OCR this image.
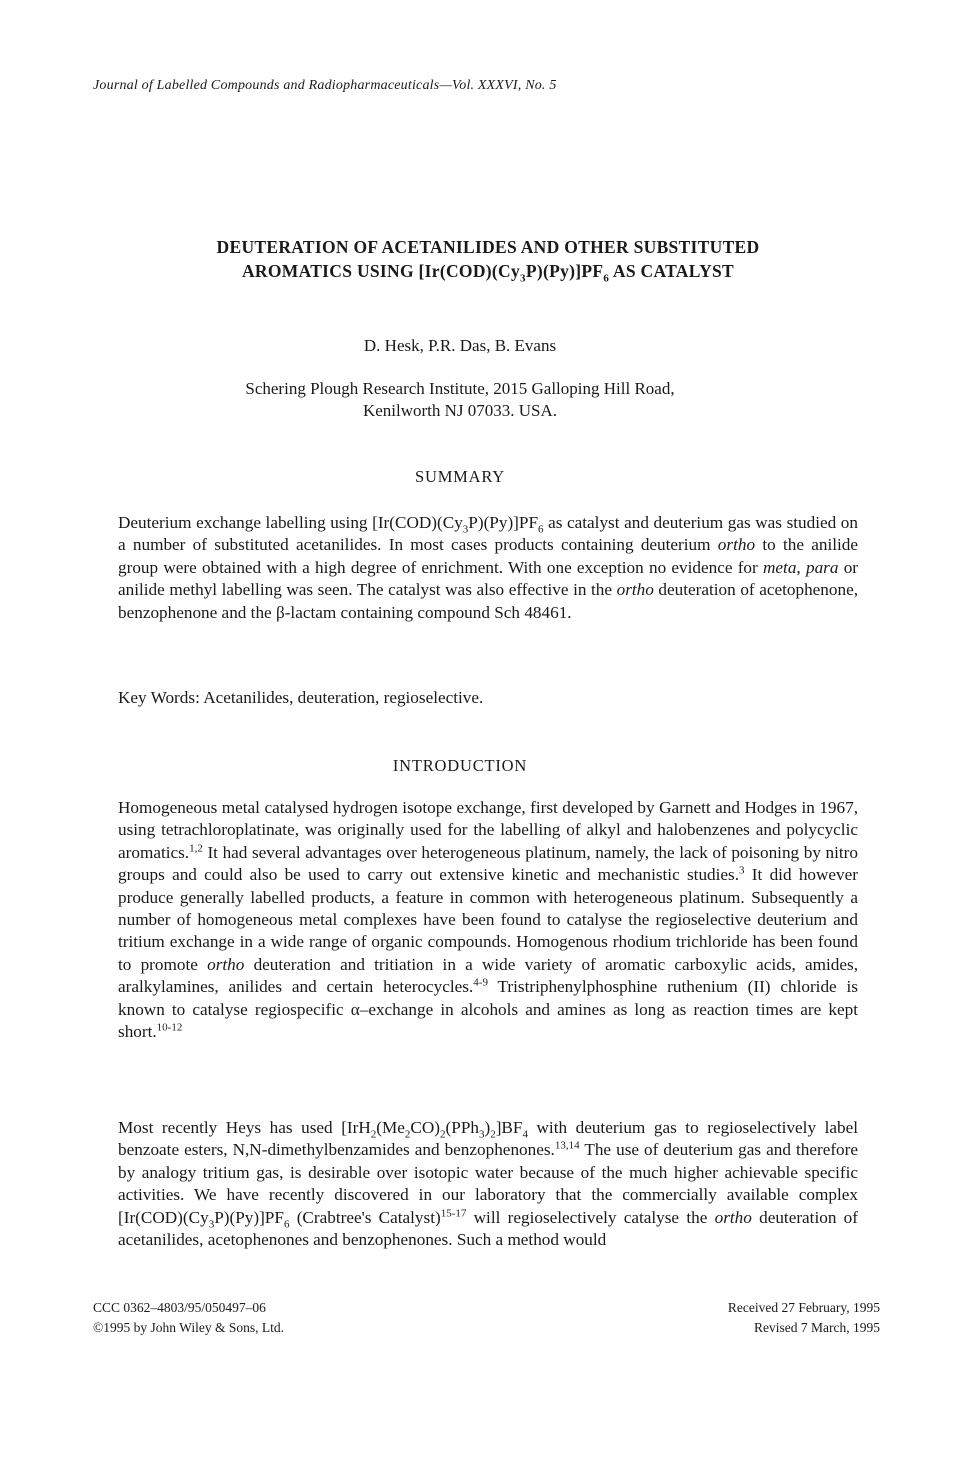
Journal of Labelled Compounds and Radiopharmaceuticals—Vol. XXXVI, No. 5
DEUTERATION OF ACETANILIDES AND OTHER SUBSTITUTED
AROMATICS USING $[Ir(COD)(Cy_3P)(Py)]PF_6$ AS CATALYST
D. Hesk, P.R. Das, B. Evans
Schering Plough Research Institute, 2015 Galloping Hill Road,
Kenilworth NJ 07033. USA.
SUMMARY

Deuterium exchange labelling using $[Ir(COD)(Cy_3P)(Py)]PF_6$ as catalyst and deuterium gas was studied on a number of substituted acetanilides. In most cases products containing deuterium ortho to the anilide group were obtained with a high degree of enrichment. With one exception no evidence for meta, para or anilide methyl labelling was seen. The catalyst was also effective in the ortho deuteration of acetophenone, benzophenone and the β-lactam containing compound Sch 48461.

Key Words: Acetanilides, deuteration, regioselective.
INTRODUCTION

Homogeneous metal catalysed hydrogen isotope exchange, first developed by Garnett and Hodges in 1967, using tetrachloroplatinate, was originally used for the labelling of alkyl and halobenzenes and polycyclic aromatics.$^{1,2}$ It had several advantages over heterogeneous platinum, namely, the lack of poisoning by nitro groups and could also be used to carry out extensive kinetic and mechanistic studies.$^3$ It did however produce generally labelled products, a feature in common with heterogeneous platinum. Subsequently a number of homogeneous metal complexes have been found to catalyse the regioselective deuterium and tritium exchange in a wide range of organic compounds. Homogenous rhodium trichloride has been found to promote ortho deuteration and tritiation in a wide variety of aromatic carboxylic acids, amides, aralkylamines, anilides and certain heterocycles.$^{4-9}$ Tristriphenylphosphine ruthenium (II) chloride is known to catalyse regiospecific α–exchange in alcohols and amines as long as reaction times are kept short.$^{10-12}$

Most recently Heys has used $[IrH_2(Me_2CO)_2(PPh_3)_2]BF_4$ with deuterium gas to regioselectively label benzoate esters, N,N-dimethylbenzamides and benzophenones.$^{13,14}$ The use of deuterium gas and therefore by analogy tritium gas, is desirable over isotopic water because of the much higher achievable specific activities. We have recently discovered in our laboratory that the commercially available complex $[Ir(COD)(Cy_3P)(Py)]PF_6$ (Crabtree's Catalyst)$^{15-17}$ will regioselectively catalyse the ortho deuteration of acetanilides, acetophenones and benzophenones. Such a method would

CCC 0362–4803/95/050497–06
©1995 by John Wiley & Sons, Ltd.
Received 27 February, 1995
Revised 7 March, 1995
